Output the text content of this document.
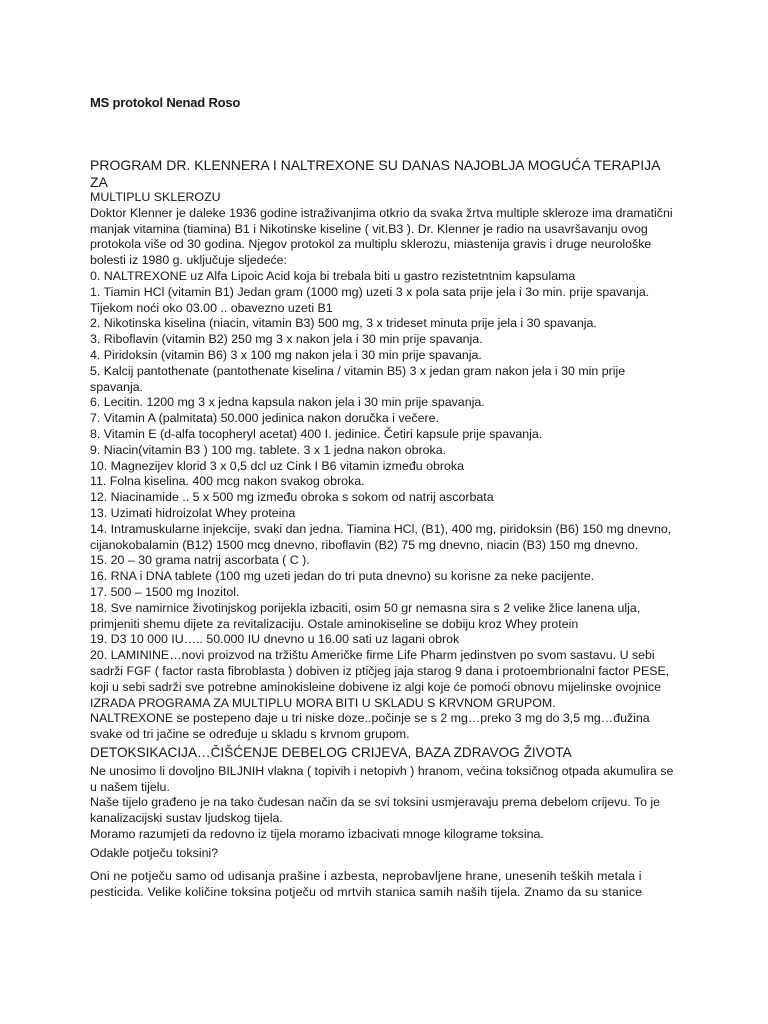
MS protokol Nenad Roso

PROGRAM DR. KLENNERA I NALTREXONE SU DANAS NAJOBLJA MOGUĆA TERAPIJA ZA

MULTIPLU SKLEROZU

Doktor Klenner je daleke 1936 godine istraživanjima otkrio da svaka žrtva multiple skleroze ima dramatični manjak vitamina (tiamina) B1 i Nikotinske kiseline ( vit.B3 ). Dr. Klenner je radio na usavršavanju ovog protokola više od 30 godina. Njegov protokol za multiplu sklerozu, miastenija gravis i druge neurološke bolesti iz 1980 g. uključuje sljedeće:

0. NALTREXONE uz Alfa Lipoic Acid koja bi trebala biti u gastro rezistetntnim kapsulama

1. Tiamin HCl (vitamin B1) Jedan gram (1000 mg) uzeti 3 x pola sata prije jela i 3o min. prije spavanja. Tijekom noći oko 03.00 .. obavezno uzeti B1

2. Nikotinska kiselina (niacin, vitamin B3) 500 mg, 3 x trideset minuta prije jela i 30 spavanja.

3. Riboflavin (vitamin B2) 250 mg 3 x nakon jela i 30 min prije spavanja.

4. Piridoksin (vitamin B6) 3 x 100 mg nakon jela i 30 min prije spavanja.

5. Kalcij pantothenate (pantothenate kiselina / vitamin B5) 3 x jedan gram nakon jela i 30 min prije spavanja.

6. Lecitin. 1200 mg 3 x jedna kapsula nakon jela i 30 min prije spavanja.

7. Vitamin A (palmitata) 50.000 jedinica nakon doručka i večere.

8. Vitamin E (d-alfa tocopheryl acetat) 400 I. jedinice. Četiri kapsule prije spavanja.

9. Niacin(vitamin B3 ) 100 mg. tablete. 3 x 1 jedna nakon obroka.

10. Magnezijev klorid 3 x 0,5 dcl uz Cink I B6 vitamin između obroka

11. Folna kiselina. 400 mcg nakon svakog obroka.

12. Niacinamide .. 5 x 500 mg između obroka s sokom od natrij ascorbata

13. Uzimati hidroizolat Whey proteina

14. Intramuskularne injekcije, svaki dan jedna. Tiamina HCl, (B1), 400 mg, piridoksin (B6) 150 mg dnevno, cijanokobalamin (B12) 1500 mcg dnevno, riboflavin (B2) 75 mg dnevno, niacin (B3) 150 mg dnevno.

15. 20 – 30 grama natrij ascorbata ( C ).

16. RNA i DNA tablete (100 mg uzeti jedan do tri puta dnevno) su korisne za neke pacijente.

17. 500 – 1500 mg Inozitol.

18. Sve namirnice životinjskog porijekla izbaciti, osim 50 gr nemasna sira s 2 velike žlice lanena ulja, primjeniti shemu dijete za revitalizaciju. Ostale aminokiseline se dobiju kroz Whey protein

19. D3 10 000 IU….. 50.000 IU dnevno u 16.00 sati uz lagani obrok

20. LAMININE…novi proizvod na tržištu Američke firme Life Pharm jedinstven po svom sastavu. U sebi sadrži FGF ( factor rasta fibroblasta ) dobiven iz ptičjeg jaja starog 9 dana i protoembrionalni factor PESE, koji u sebi sadrži sve potrebne aminokisleine dobivene iz algi koje će pomoći obnovu mijelinske ovojnice

IZRADA PROGRAMA ZA MULTIPLU MORA BITI U SKLADU S KRVNOM GRUPOM.

NALTREXONE se postepeno daje u tri niske doze..počinje se s 2 mg…preko 3 mg do 3,5 mg…đužina svake od tri jačine se određuje u skladu s krvnom grupom.

DETOKSIKACIJA…ČIŠĆENJE DEBELOG CRIJEVA, BAZA ZDRAVOG ŽIVOTA

Ne unosimo li dovoljno BILJNIH vlakna ( topivih i netopivh ) hranom, većina toksičnog otpada akumulira se u našem tijelu.

Naše tijelo građeno je na tako čudesan način da se svi toksini usmjeravaju prema debelom crijevu. To je kanalizacijski sustav ljudskog tijela.

Moramo razumjeti da redovno iz tijela moramo izbacivati mnoge kilograme toksina.

Odakle potječu toksini?

Oni ne potječu samo od udisanja prašine i azbesta, neprobavljene hrane, unesenih teških metala i pesticida. Velike količine toksina potječu od mrtvih stanica samih naših tijela. Znamo da su stanice
